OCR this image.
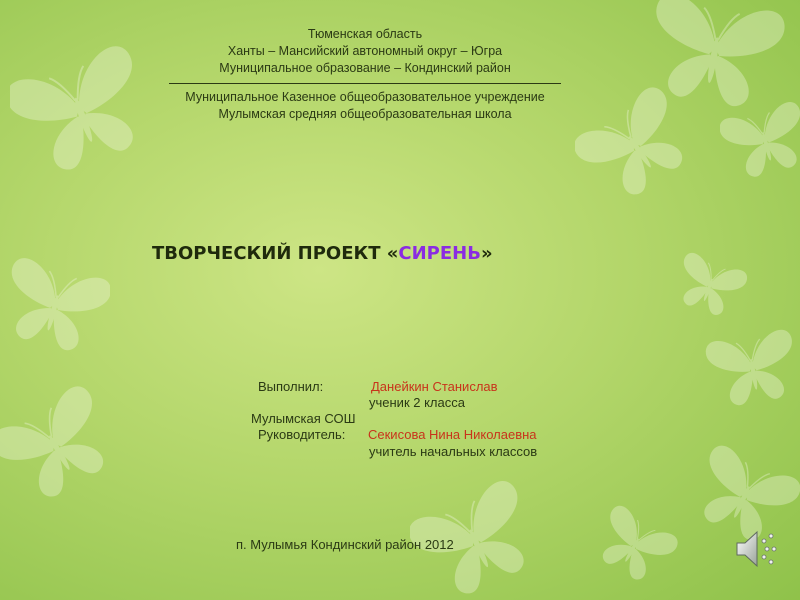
Тюменская область
Ханты – Мансийский автономный округ – Югра
Муниципальное образование – Кондинский район
Муниципальное Казенное общеобразовательное учреждение
Мулымская средняя общеобразовательная школа
ТВОРЧЕСКИЙ ПРОЕКТ «СИРЕНЬ»
Выполнил:	Данейкин Станислав
ученик 2 класса
Мулымская СОШ
Руководитель: Секисова Нина Николаевна
учитель начальных классов
п. Мулымья Кондинский район 2012
